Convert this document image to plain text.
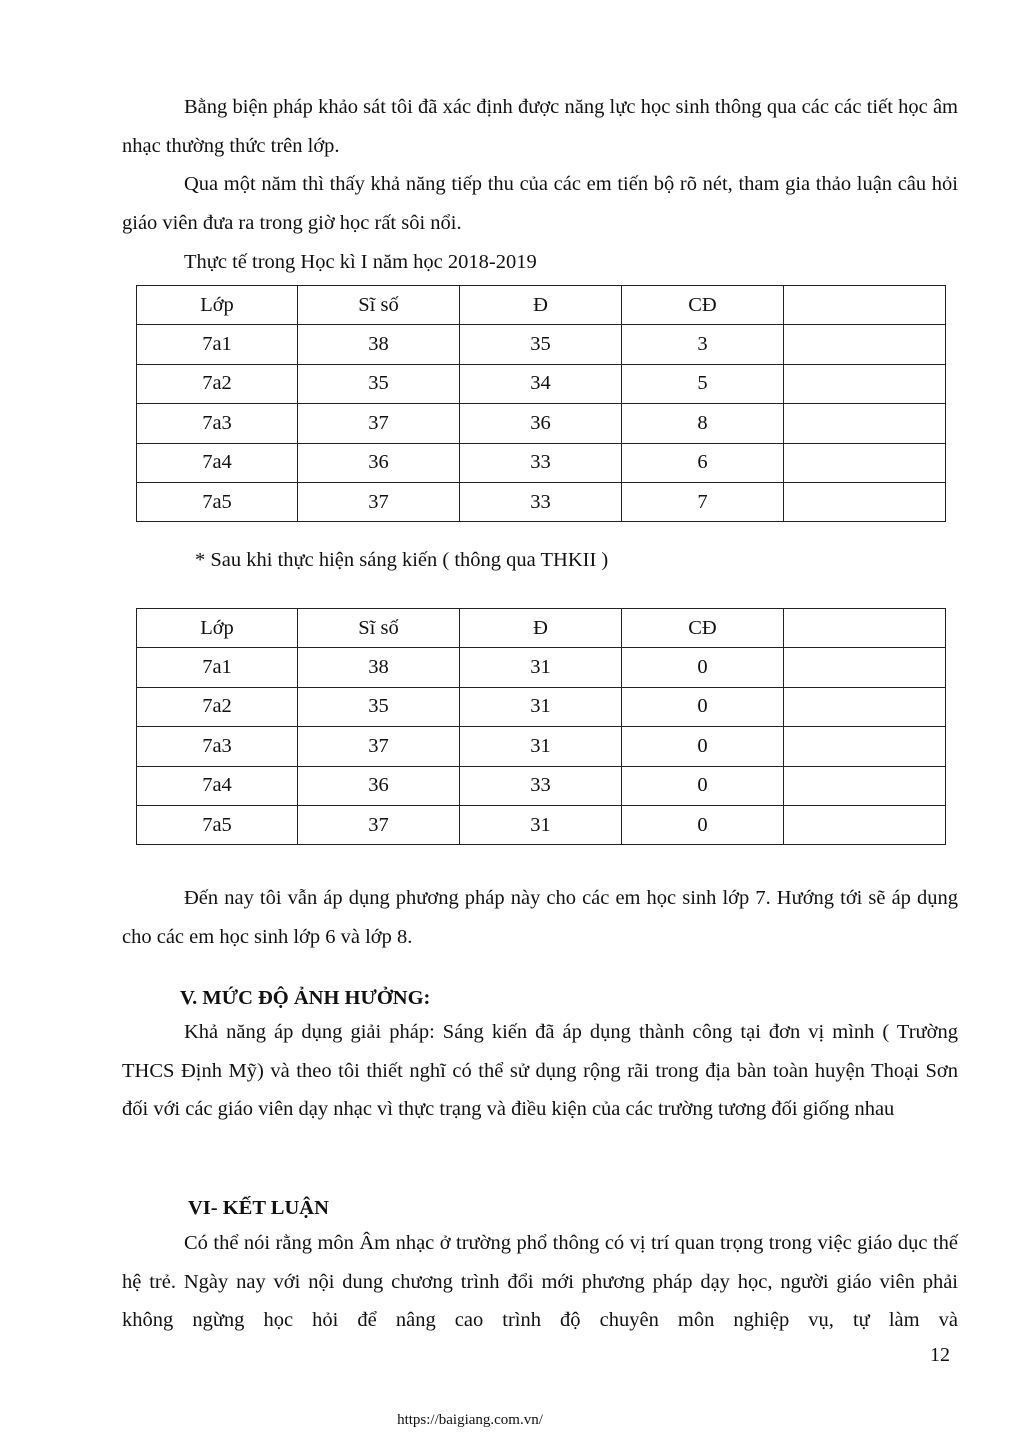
Bằng biện pháp khảo sát tôi đã xác định được năng lực học sinh thông qua các các tiết học âm nhạc thường thức trên lớp.

Qua một năm thì thấy khả năng tiếp thu của các em tiến bộ rõ nét, tham gia thảo luận câu hỏi giáo viên đưa ra trong giờ học rất sôi nổi.

Thực tế trong Học kì I năm học 2018-2019

Lớp	Sĩ số	Đ	CĐ	
7a1	38	35	3	
7a2	35	34	5	
7a3	37	36	8	
7a4	36	33	6	
7a5	37	33	7	

* Sau khi thực hiện sáng kiến ( thông qua THKII )

Lớp	Sĩ số	Đ	CĐ	
7a1	38	31	0	
7a2	35	31	0	
7a3	37	31	0	
7a4	36	33	0	
7a5	37	31	0	

Đến nay tôi vẫn áp dụng phương pháp này cho các em học sinh lớp 7. Hướng tới sẽ áp dụng cho các em học sinh lớp 6 và lớp 8.

V. MỨC ĐỘ ẢNH HƯỞNG:

Khả năng áp dụng giải pháp: Sáng kiến đã áp dụng thành công tại đơn vị mình ( Trường THCS Định Mỹ) và theo tôi thiết nghĩ có thể sử dụng rộng rãi trong địa bàn toàn huyện Thoại Sơn đối với các giáo viên dạy nhạc vì thực trạng và điều kiện của các trường tương đối giống nhau

VI- KẾT LUẬN

Có thể nói rằng môn Âm nhạc ở trường phổ thông có vị trí quan trọng trong việc giáo dục thế hệ trẻ. Ngày nay với nội dung chương trình đổi mới phương pháp dạy học, người giáo viên phải không ngừng học hỏi để nâng cao trình độ chuyên môn nghiệp vụ, tự làm và

12
https://baigiang.com.vn/
